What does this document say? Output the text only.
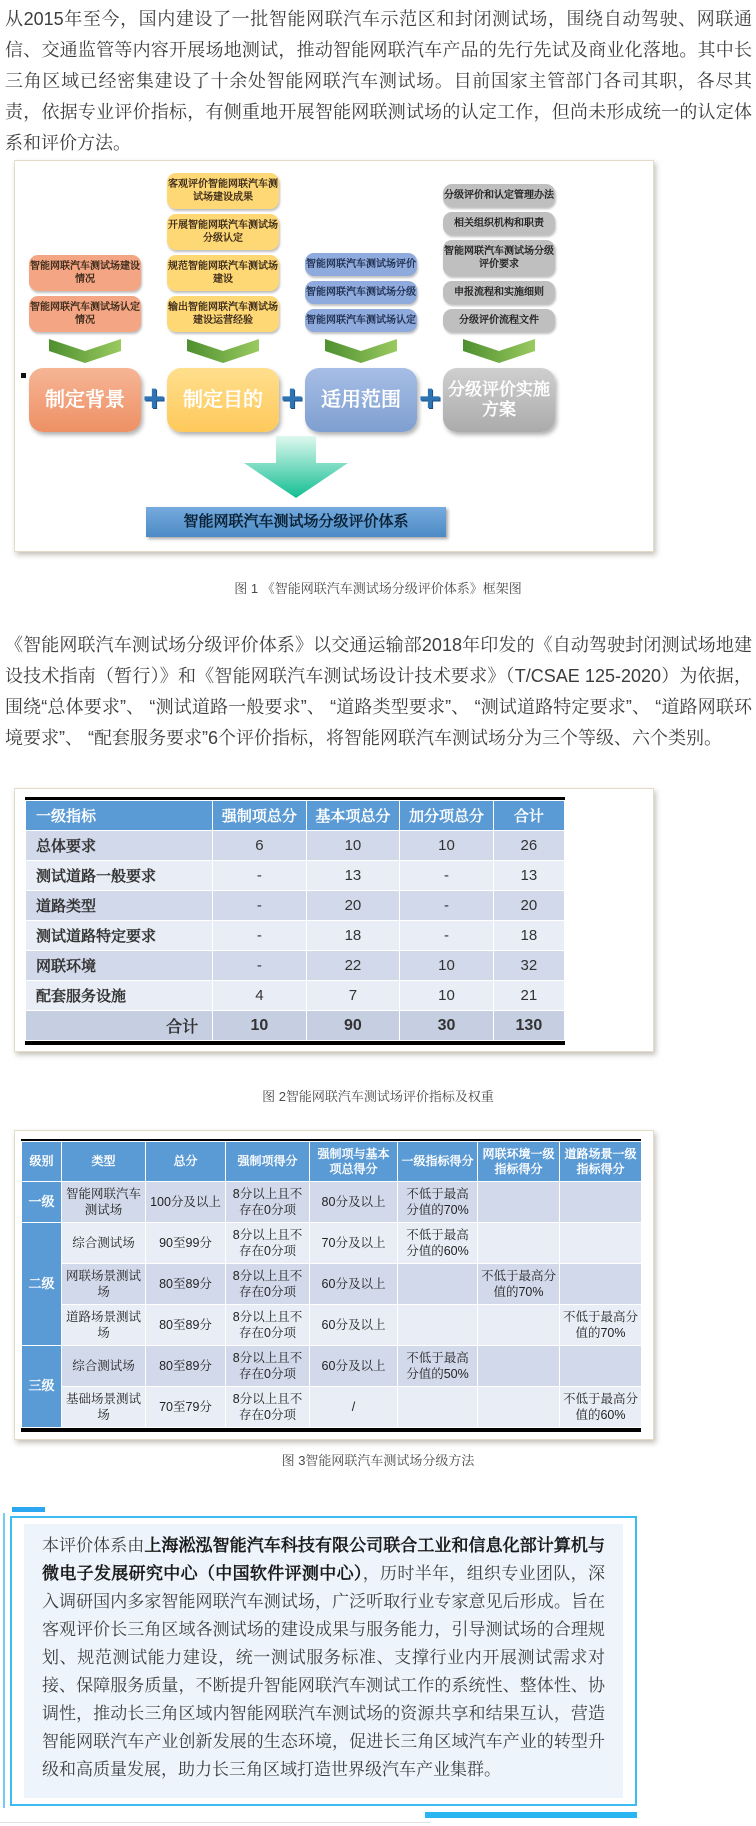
从2015年至今，国内建设了一批智能网联汽车示范区和封闭测试场，围绕自动驾驶、网联通信、交通监管等内容开展场地测试，推动智能网联汽车产品的先行先试及商业化落地。其中长三角区域已经密集建设了十余处智能网联汽车测试场。目前国家主管部门各司其职，各尽其责，依据专业评价指标，有侧重地开展智能网联测试场的认定工作，但尚未形成统一的认定体系和评价方法。

智能网联汽车测试场建设情况
智能网联汽车测试场认定情况
制定背景 +
客观评价智能网联汽车测试场建设成果
开展智能网联汽车测试场分级认定
规范智能网联汽车测试场建设
输出智能网联汽车测试场建设运营经验
制定目的 +
智能网联汽车测试场评价
智能网联汽车测试场分级
智能网联汽车测试场认定
适用范围 +
分级评价和认定管理办法
相关组织机构和职责
智能网联汽车测试场分级评价要求
申报流程和实施细则
分级评价流程文件
分级评价实施方案
智能网联汽车测试场分级评价体系

图 1 《智能网联汽车测试场分级评价体系》框架图

《智能网联汽车测试场分级评价体系》以交通运输部2018年印发的《自动驾驶封闭测试场地建设技术指南（暂行）》和《智能网联汽车测试场设计技术要求》（T/CSAE 125-2020）为依据，围绕“总体要求”、 “测试道路一般要求”、 “道路类型要求”、 “测试道路特定要求”、 “道路网联环境要求”、 “配套服务要求”6个评价指标，将智能网联汽车测试场分为三个等级、六个类别。

一级指标	强制项总分	基本项总分	加分项总分	合计
总体要求	6	10	10	26
测试道路一般要求	-	13	-	13
道路类型	-	20	-	20
测试道路特定要求	-	18	-	18
网联环境	-	22	10	32
配套服务设施	4	7	10	21
合计	10	90	30	130

图 2智能网联汽车测试场评价指标及权重

级别	类型	总分	强制项得分	强制项与基本项总得分	一级指标得分	网联环境一级指标得分	道路场景一级指标得分
一级	智能网联汽车测试场	100分及以上	8分以上且不存在0分项	80分及以上	不低于最高分值的70%		
二级	综合测试场	90至99分	8分以上且不存在0分项	70分及以上	不低于最高分值的60%		
	网联场景测试场	80至89分	8分以上且不存在0分项	60分及以上		不低于最高分值的70%	
	道路场景测试场	80至89分	8分以上且不存在0分项	60分及以上			不低于最高分值的70%
三级	综合测试场	80至89分	8分以上且不存在0分项	60分及以上	不低于最高分值的50%		
	基础场景测试场	70至79分	8分以上且不存在0分项	/			不低于最高分值的60%

图 3智能网联汽车测试场分级方法

本评价体系由上海淞泓智能汽车科技有限公司联合工业和信息化部计算机与微电子发展研究中心（中国软件评测中心），历时半年，组织专业团队，深入调研国内多家智能网联汽车测试场，广泛听取行业专家意见后形成。旨在客观评价长三角区域各测试场的建设成果与服务能力，引导测试场的合理规划、规范测试能力建设，统一测试服务标准、支撑行业内开展测试需求对接、保障服务质量，不断提升智能网联汽车测试工作的系统性、整体性、协调性，推动长三角区域内智能网联汽车测试场的资源共享和结果互认，营造智能网联汽车产业创新发展的生态环境，促进长三角区域汽车产业的转型升级和高质量发展，助力长三角区域打造世界级汽车产业集群。
